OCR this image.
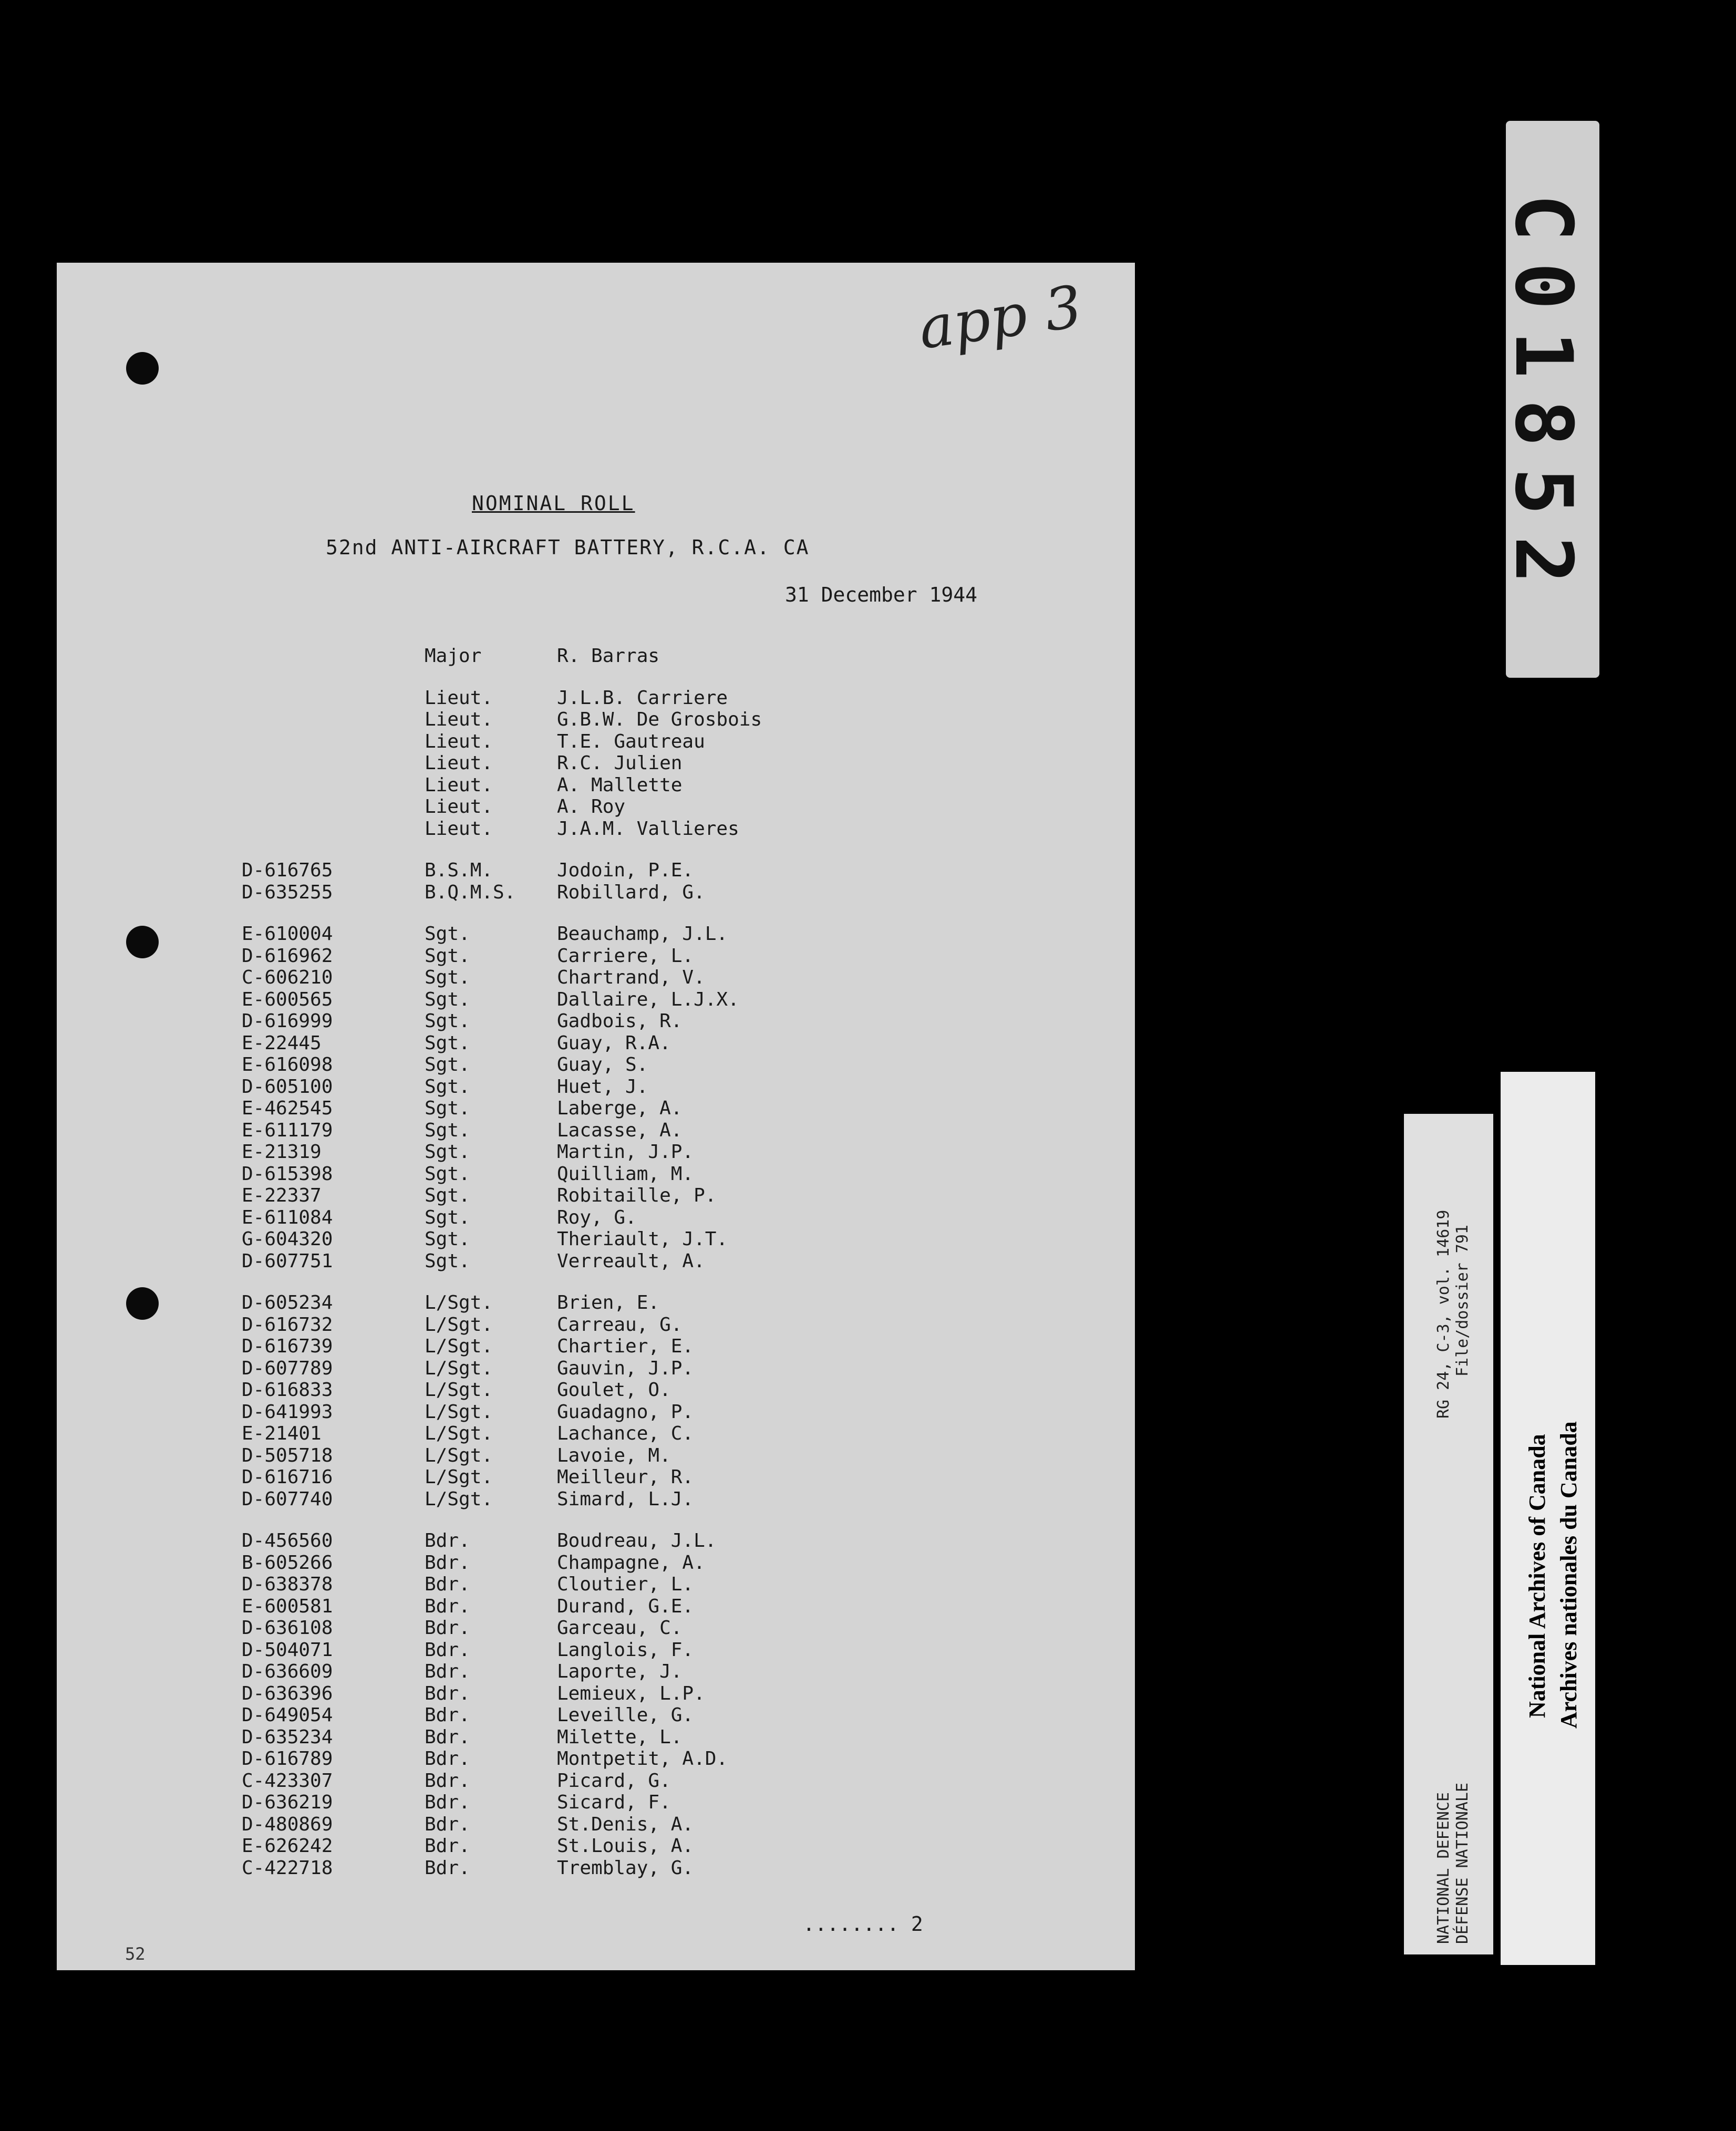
app 3
NOMINAL ROLL
52nd ANTI-AIRCRAFT BATTERY, R.C.A. CA
31 December 1944
Major	R. Barras
Lieut.	J.L.B. Carriere
Lieut.	G.B.W. De Grosbois
Lieut.	T.E. Gautreau
Lieut.	R.C. Julien
Lieut.	A. Mallette
Lieut.	A. Roy
Lieut.	J.A.M. Vallieres
D-616765	B.S.M.	Jodoin, P.E.
D-635255	B.Q.M.S.	Robillard, G.
E-610004	Sgt.	Beauchamp, J.L.
D-616962	Sgt.	Carriere, L.
C-606210	Sgt.	Chartrand, V.
E-600565	Sgt.	Dallaire, L.J.X.
D-616999	Sgt.	Gadbois, R.
E-22445	Sgt.	Guay, R.A.
E-616098	Sgt.	Guay, S.
D-605100	Sgt.	Huet, J.
E-462545	Sgt.	Laberge, A.
E-611179	Sgt.	Lacasse, A.
E-21319	Sgt.	Martin, J.P.
D-615398	Sgt.	Quilliam, M.
E-22337	Sgt.	Robitaille, P.
E-611084	Sgt.	Roy, G.
G-604320	Sgt.	Theriault, J.T.
D-607751	Sgt.	Verreault, A.
D-605234	L/Sgt.	Brien, E.
D-616732	L/Sgt.	Carreau, G.
D-616739	L/Sgt.	Chartier, E.
D-607789	L/Sgt.	Gauvin, J.P.
D-616833	L/Sgt.	Goulet, O.
D-641993	L/Sgt.	Guadagno, P.
E-21401	L/Sgt.	Lachance, C.
D-505718	L/Sgt.	Lavoie, M.
D-616716	L/Sgt.	Meilleur, R.
D-607740	L/Sgt.	Simard, L.J.
D-456560	Bdr.	Boudreau, J.L.
B-605266	Bdr.	Champagne, A.
D-638378	Bdr.	Cloutier, L.
E-600581	Bdr.	Durand, G.E.
D-636108	Bdr.	Garceau, C.
D-504071	Bdr.	Langlois, F.
D-636609	Bdr.	Laporte, J.
D-636396	Bdr.	Lemieux, L.P.
D-649054	Bdr.	Leveille, G.
D-635234	Bdr.	Milette, L.
D-616789	Bdr.	Montpetit, A.D.
C-423307	Bdr.	Picard, G.
D-636219	Bdr.	Sicard, F.
D-480869	Bdr.	St.Denis, A.
E-626242	Bdr.	St.Louis, A.
C-422718	Bdr.	Tremblay, G.
........ 2
52
C01852
RG 24, C-3, vol. 14619 File/dossier 791
NATIONAL DEFENCE DÉFENSE NATIONALE
National Archives of Canada Archives nationales du Canada
